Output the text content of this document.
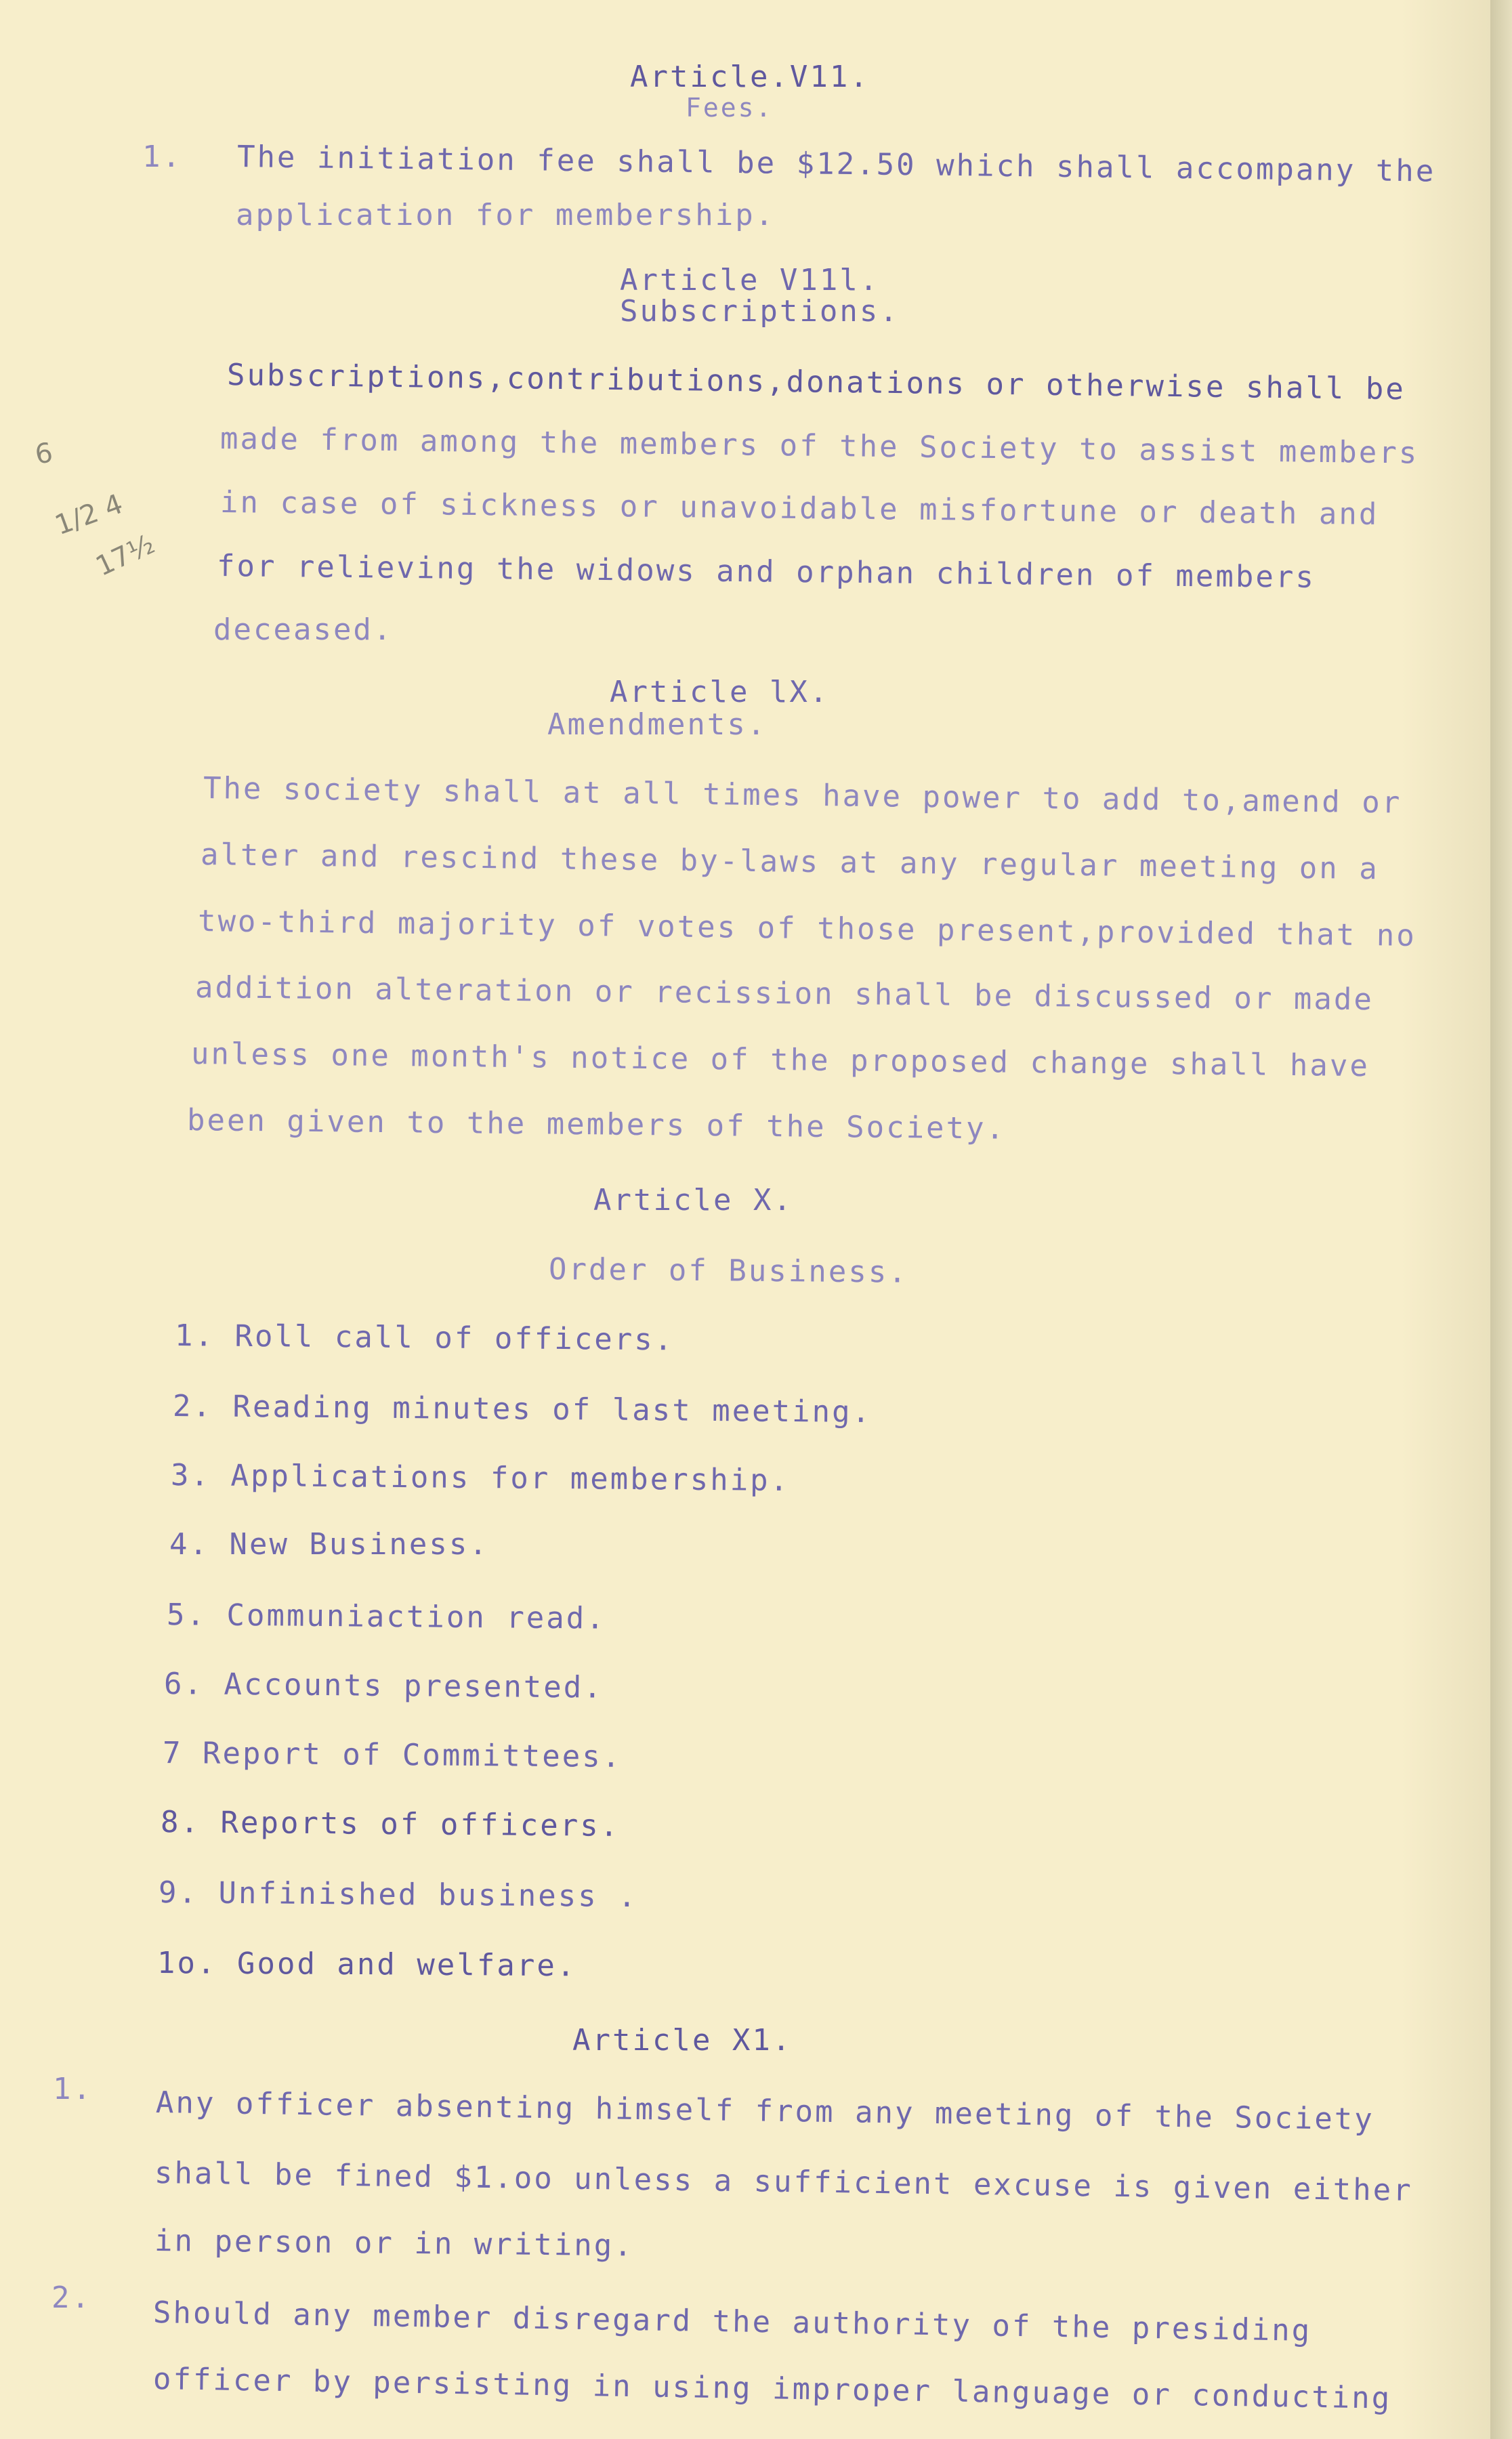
Article.V11.
Fees.
1. The initiation fee shall be $12.50 which shall accompany the
application for membership.
Article V11l.
Subscriptions.
Subscriptions,contributions,donations or otherwise shall be
made from among the members of the Society to assist members
in case of sickness or unavoidable misfortune or death and
for relieving the widows and orphan children of members
deceased.
Article lX.
Amendments.
The society shall at all times have power to add to,amend or
alter and rescind these by-laws at any regular meeting on a
two-third majority of votes of those present,provided that no
addition alteration or recission shall be discussed or made
unless one month's notice of the proposed change shall have
been given to the members of the Society.
Article X.
Order of Business.
1. Roll call of officers.
2. Reading minutes of last meeting.
3. Applications for membership.
4. New Business.
5. Communiaction read.
6. Accounts presented.
7 Report of Committees.
8. Reports of officers.
9. Unfinished business .
1o. Good and welfare.
Article X1.
1. Any officer absenting himself from any meeting of the Society
shall be fined $1.oo unless a sufficient excuse is given either
in person or in writing.
2. Should any member disregard the authority of the presiding
officer by persisting in using improper language or conducting
6
1/2 4
17½
